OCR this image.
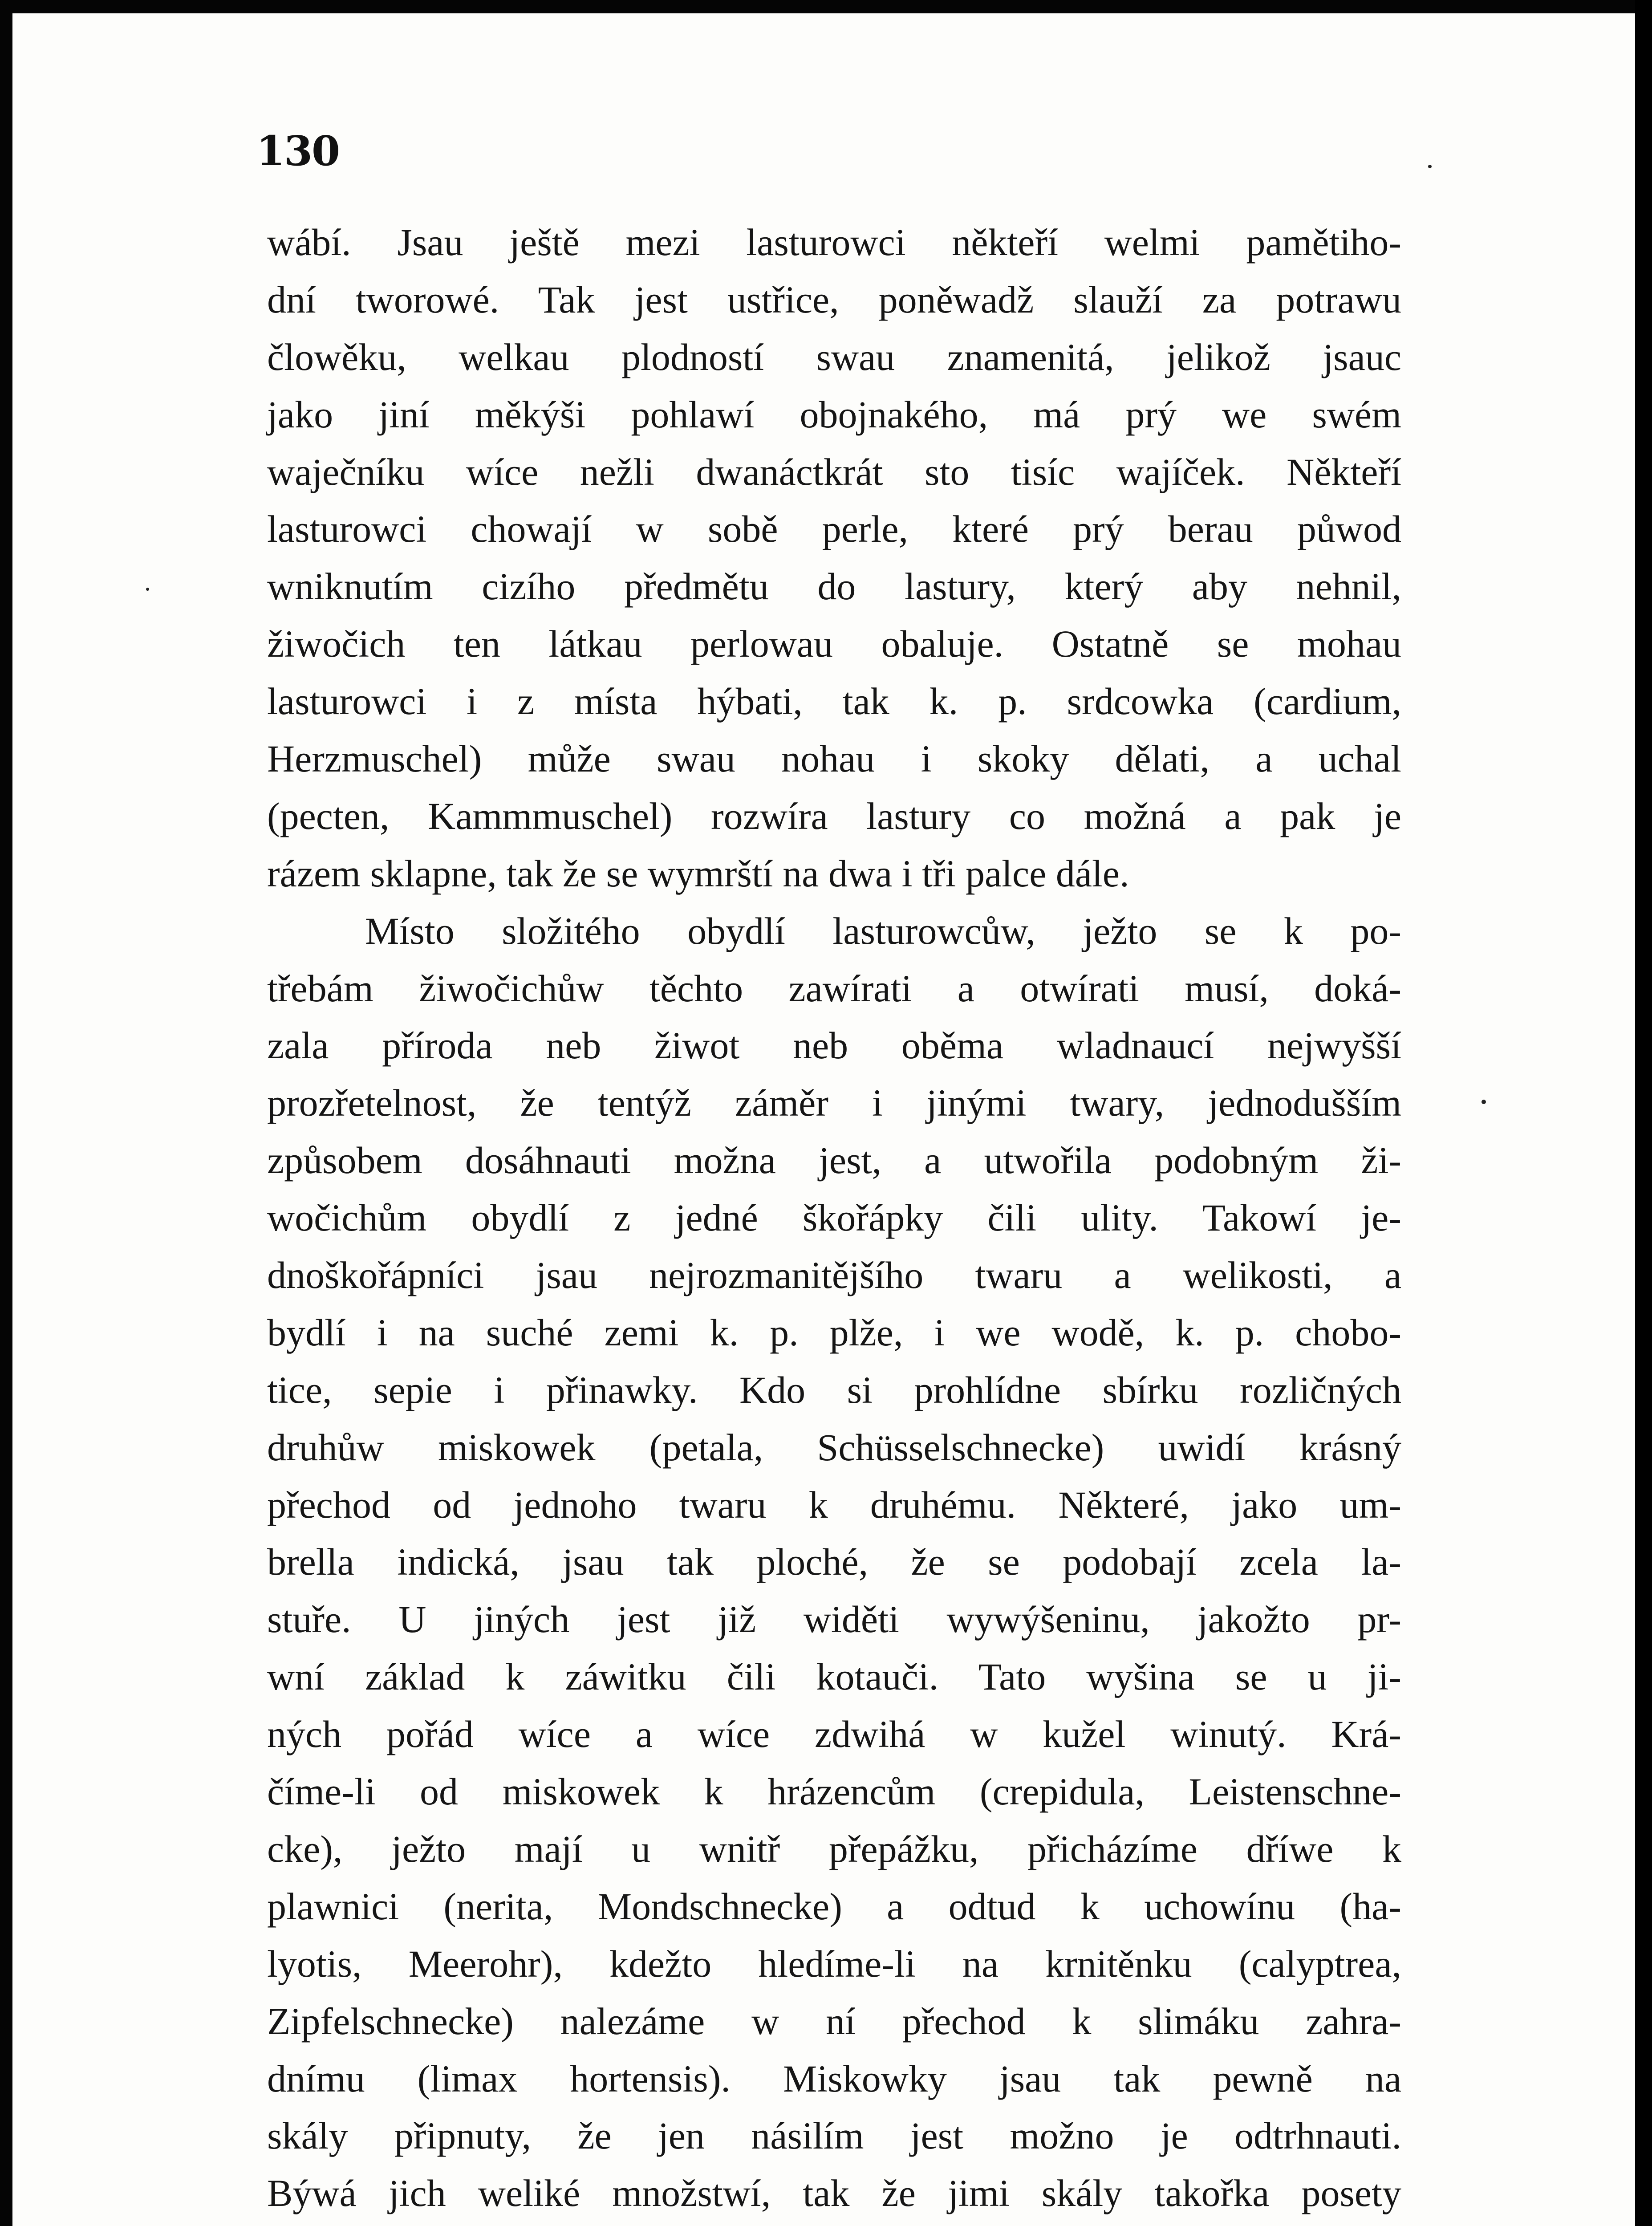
130
wábí. Jsau ještě mezi lasturowci někteří welmi pamětiho-
dní tworowé. Tak jest ustřice, poněwadž slauží za potrawu
člowěku, welkau plodností swau znamenitá, jelikož jsauc
jako jiní měkýši pohlawí obojnakého, má prý we swém
waječníku wíce nežli dwanáctkrát sto tisíc wajíček. Někteří
lasturowci chowají w sobě perle, které prý berau půwod
wniknutím cizího předmětu do lastury, který aby nehnil,
žiwočich ten látkau perlowau obaluje. Ostatně se mohau
lasturowci i z místa hýbati, tak k. p. srdcowka (cardium,
Herzmuschel) může swau nohau i skoky dělati, a uchal
(pecten, Kammmuschel) rozwíra lastury co možná a pak je
rázem sklapne, tak že se wymrští na dwa i tři palce dále.
Místo složitého obydlí lasturowcůw, ježto se k po-
třebám žiwočichůw těchto zawírati a otwírati musí, doká-
zala příroda neb žiwot neb oběma wladnaucí nejwyšší
prozřetelnost, že tentýž záměr i jinými twary, jednodušším
způsobem dosáhnauti možna jest, a utwořila podobným ži-
wočichům obydlí z jedné škořápky čili ulity. Takowí je-
dnoškořápníci jsau nejrozmanitějšího twaru a welikosti, a
bydlí i na suché zemi k. p. plže, i we wodě, k. p. chobo-
tice, sepie i přinawky. Kdo si prohlídne sbírku rozličných
druhůw miskowek (petala, Schüsselschnecke) uwidí krásný
přechod od jednoho twaru k druhému. Některé, jako um-
brella indická, jsau tak ploché, že se podobají zcela la-
stuře. U jiných jest již widěti wywýšeninu, jakožto pr-
wní základ k záwitku čili kotauči. Tato wyšina se u ji-
ných pořád wíce a wíce zdwihá w kužel winutý. Krá-
číme-li od miskowek k hrázencům (crepidula, Leistenschne-
cke), ježto mají u wnitř přepážku, přicházíme dříwe k
plawnici (nerita, Mondschnecke) a odtud k uchowínu (ha-
lyotis, Meerohr), kdežto hledíme-li na krnitěnku (calyptrea,
Zipfelschnecke) nalezáme w ní přechod k slimáku zahra-
dnímu (limax hortensis). Miskowky jsau tak pewně na
skály připnuty, že jen násilím jest možno je odtrhnauti.
Býwá jich weliké množstwí, tak že jimi skály takořka posety
